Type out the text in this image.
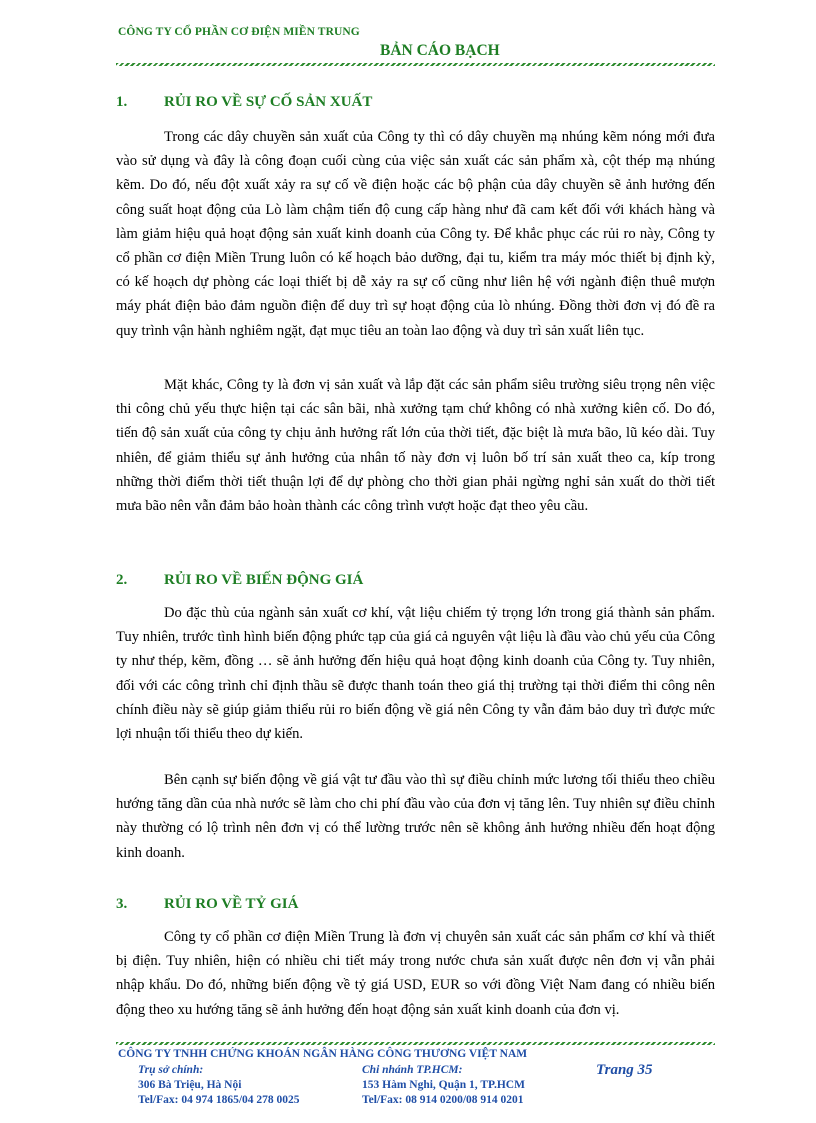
CÔNG TY CỔ PHẦN CƠ ĐIỆN MIỀN TRUNG
BẢN CÁO BẠCH
1. RỦI RO VỀ SỰ CỐ SẢN XUẤT

Trong các dây chuyền sản xuất của Công ty thì có dây chuyền mạ nhúng kẽm nóng mới đưa vào sử dụng và đây là công đoạn cuối cùng của việc sản xuất các sản phẩm xà, cột thép mạ nhúng kẽm. Do đó, nếu đột xuất xảy ra sự cố về điện hoặc các bộ phận của dây chuyền sẽ ảnh hưởng đến công suất hoạt động của Lò làm chậm tiến độ cung cấp hàng như đã cam kết đối với khách hàng và làm giảm hiệu quả hoạt động sản xuất kinh doanh của Công ty. Để khắc phục các rủi ro này, Công ty cổ phần cơ điện Miền Trung luôn có kế hoạch bảo dưỡng, đại tu, kiểm tra máy móc thiết bị định kỳ, có kế hoạch dự phòng các loại thiết bị dễ xảy ra sự cố cũng như liên hệ với ngành điện thuê mượn máy phát điện bảo đảm nguồn điện để duy trì sự hoạt động của lò nhúng. Đồng thời đơn vị đó đề ra quy trình vận hành nghiêm ngặt, đạt mục tiêu an toàn lao động và duy trì sản xuất liên tục.

Mặt khác, Công ty là đơn vị sản xuất và lắp đặt các sản phẩm siêu trường siêu trọng nên việc thi công chủ yếu thực hiện tại các sân bãi, nhà xưởng tạm chứ không có nhà xưởng kiên cố. Do đó, tiến độ sản xuất của công ty chịu ảnh hưởng rất lớn của thời tiết, đặc biệt là mưa bão, lũ kéo dài. Tuy nhiên, để giảm thiểu sự ảnh hưởng của nhân tố này đơn vị luôn bố trí sản xuất theo ca, kíp trong những thời điểm thời tiết thuận lợi để dự phòng cho thời gian phải ngừng nghỉ sản xuất do thời tiết mưa bão nên vẫn đảm bảo hoàn thành các công trình vượt hoặc đạt theo yêu cầu.

2. RỦI RO VỀ BIẾN ĐỘNG GIÁ

Do đặc thù của ngành sản xuất cơ khí, vật liệu chiếm tỷ trọng lớn trong giá thành sản phẩm. Tuy nhiên, trước tình hình biến động phức tạp của giá cả nguyên vật liệu là đầu vào chủ yếu của Công ty như thép, kẽm, đồng … sẽ ảnh hưởng đến hiệu quả hoạt động kinh doanh của Công ty. Tuy nhiên, đối với các công trình chỉ định thầu sẽ được thanh toán theo giá thị trường tại thời điểm thi công nên chính điều này sẽ giúp giảm thiểu rủi ro biến động về giá nên Công ty vẫn đảm bảo duy trì được mức lợi nhuận tối thiểu theo dự kiến.

Bên cạnh sự biến động về giá vật tư đầu vào thì sự điều chỉnh mức lương tối thiểu theo chiều hướng tăng dần của nhà nước sẽ làm cho chi phí đầu vào của đơn vị tăng lên. Tuy nhiên sự điều chỉnh này thường có lộ trình nên đơn vị có thể lường trước nên sẽ không ảnh hưởng nhiều đến hoạt động kinh doanh.

3. RỦI RO VỀ TỶ GIÁ

Công ty cổ phần cơ điện Miền Trung là đơn vị chuyên sản xuất các sản phẩm cơ khí và thiết bị điện. Tuy nhiên, hiện có nhiều chi tiết máy trong nước chưa sản xuất được nên đơn vị vẫn phải nhập khẩu. Do đó, những biến động về tỷ giá USD, EUR so với đồng Việt Nam đang có nhiều biến động theo xu hướng tăng sẽ ảnh hưởng đến hoạt động sản xuất kinh doanh của đơn vị.

CÔNG TY TNHH CHỨNG KHOÁN NGÂN HÀNG CÔNG THƯƠNG VIỆT NAM
Trụ sở chính:
306 Bà Triệu, Hà Nội
Tel/Fax: 04 974 1865/04 278 0025
Chi nhánh TP.HCM:
153 Hàm Nghi, Quận 1, TP.HCM
Tel/Fax: 08 914 0200/08 914 0201
Trang 35
